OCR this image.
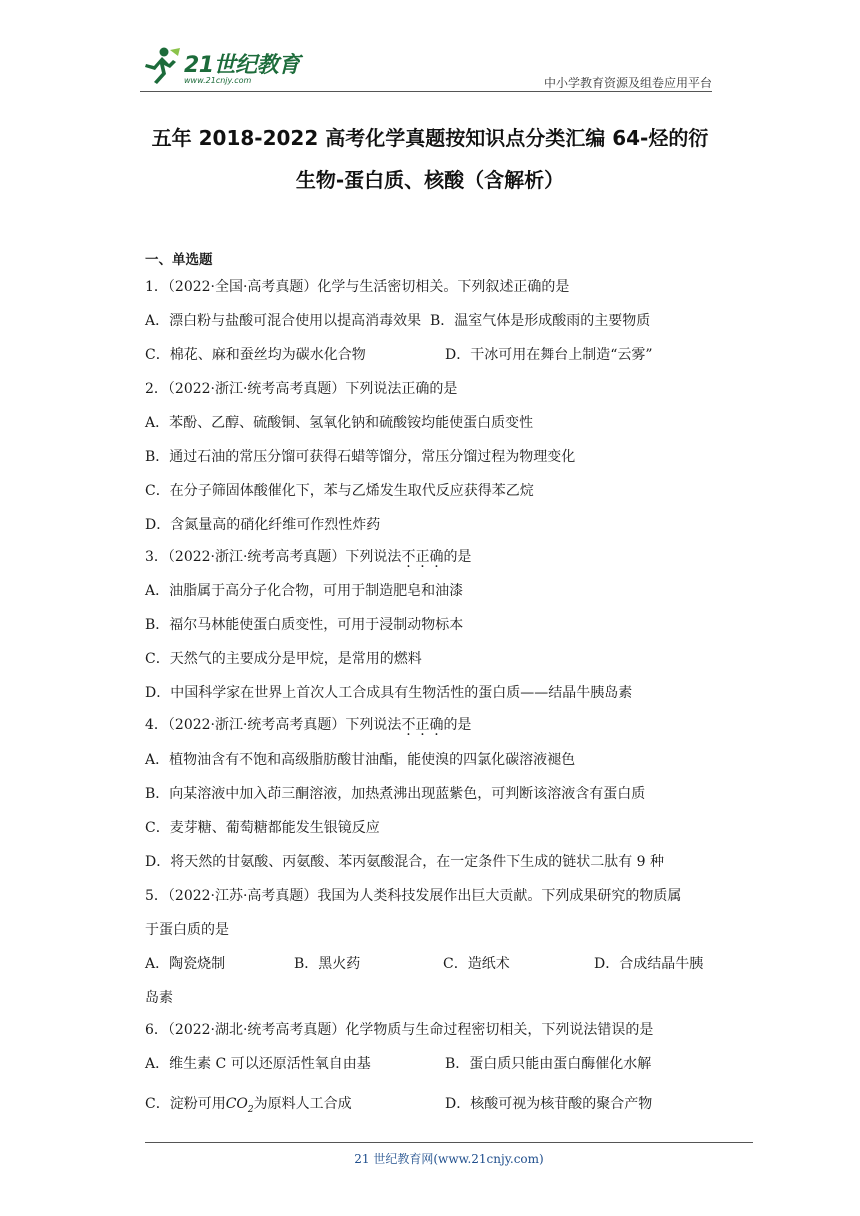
21世纪教育
www.21cnjy.com	中小学教育资源及组卷应用平台
五年 2018-2022 高考化学真题按知识点分类汇编 64-烃的衍
生物-蛋白质、核酸（含解析）
一、单选题
1．（2022·全国·高考真题）化学与生活密切相关。下列叙述正确的是
A．漂白粉与盐酸可混合使用以提高消毒效果 B．温室气体是形成酸雨的主要物质
C．棉花、麻和蚕丝均为碳水化合物	D．干冰可用在舞台上制造“云雾”
2．（2022·浙江·统考高考真题）下列说法正确的是
A．苯酚、乙醇、硫酸铜、氢氧化钠和硫酸铵均能使蛋白质变性
B．通过石油的常压分馏可获得石蜡等馏分，常压分馏过程为物理变化
C．在分子筛固体酸催化下，苯与乙烯发生取代反应获得苯乙烷
D．含氮量高的硝化纤维可作烈性炸药
3．（2022·浙江·统考高考真题）下列说法不正确的是
A．油脂属于高分子化合物，可用于制造肥皂和油漆
B．福尔马林能使蛋白质变性，可用于浸制动物标本
C．天然气的主要成分是甲烷，是常用的燃料
D．中国科学家在世界上首次人工合成具有生物活性的蛋白质——结晶牛胰岛素
4．（2022·浙江·统考高考真题）下列说法不正确的是
A．植物油含有不饱和高级脂肪酸甘油酯，能使溴的四氯化碳溶液褪色
B．向某溶液中加入茚三酮溶液，加热煮沸出现蓝紫色，可判断该溶液含有蛋白质
C．麦芽糖、葡萄糖都能发生银镜反应
D．将天然的甘氨酸、丙氨酸、苯丙氨酸混合，在一定条件下生成的链状二肽有 9 种
5．（2022·江苏·高考真题）我国为人类科技发展作出巨大贡献。下列成果研究的物质属
于蛋白质的是
A．陶瓷烧制	B．黑火药	C．造纸术	D．合成结晶牛胰
岛素
6．（2022·湖北·统考高考真题）化学物质与生命过程密切相关，下列说法错误的是
A．维生素 C 可以还原活性氧自由基	B．蛋白质只能由蛋白酶催化水解
C．淀粉可用$CO_2$为原料人工合成	D．核酸可视为核苷酸的聚合产物
21 世纪教育网(www.21cnjy.com)
